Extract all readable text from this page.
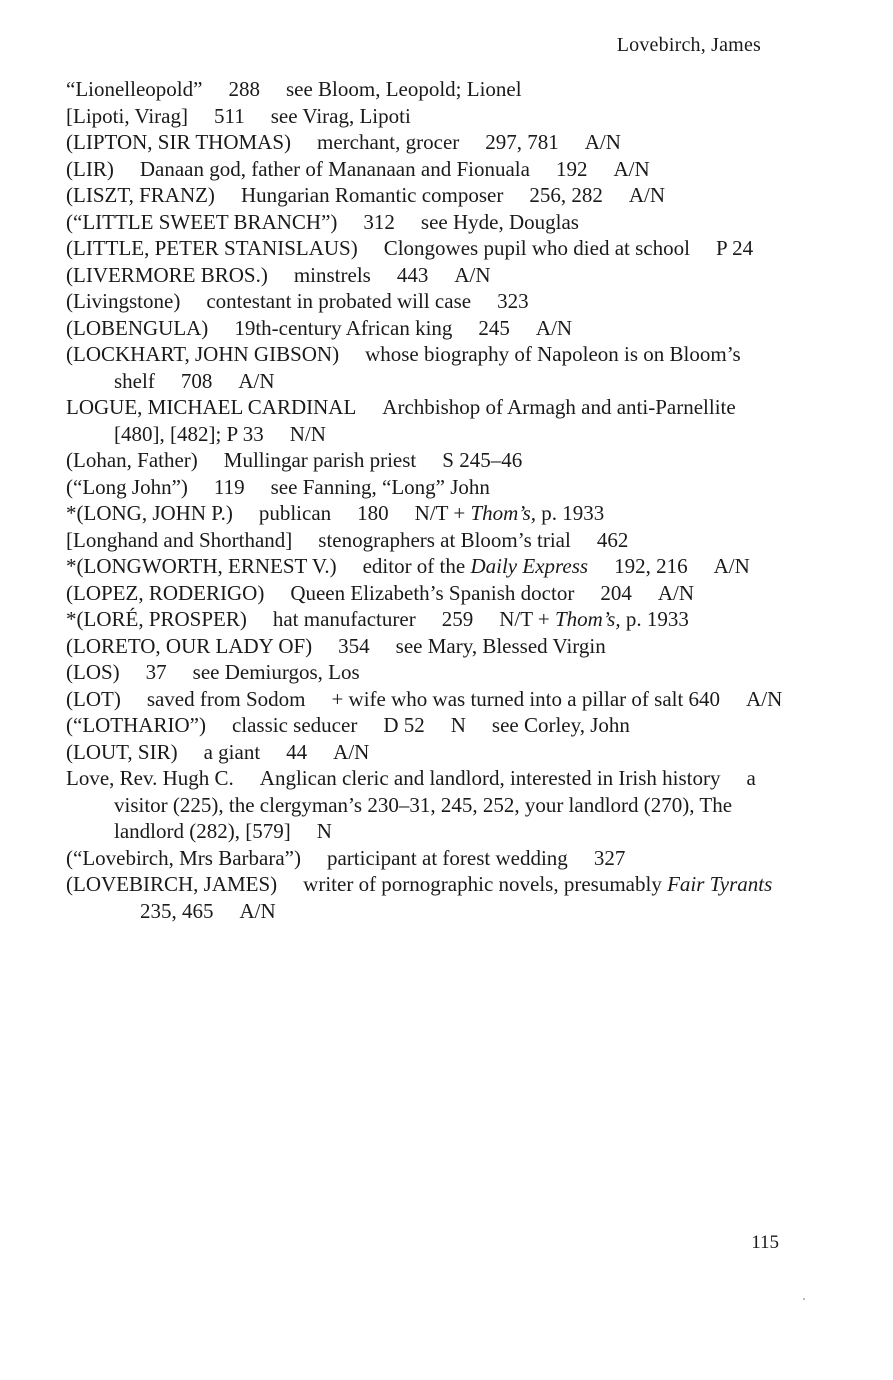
Lovebirch, James

“Lionelleopold” 288 see Bloom, Leopold; Lionel

[Lipoti, Virag] 511 see Virag, Lipoti

(LIPTON, SIR THOMAS) merchant, grocer 297, 781 A/N

(LIR) Danaan god, father of Mananaan and Fionuala 192 A/N

(LISZT, FRANZ) Hungarian Romantic composer 256, 282 A/N

(“LITTLE SWEET BRANCH”) 312 see Hyde, Douglas

(LITTLE, PETER STANISLAUS) Clongowes pupil who died at school P 24

(LIVERMORE BROS.) minstrels 443 A/N

(Livingstone) contestant in probated will case 323

(LOBENGULA) 19th-century African king 245 A/N

(LOCKHART, JOHN GIBSON) whose biography of Napoleon is on Bloom’s shelf 708 A/N

LOGUE, MICHAEL CARDINAL Archbishop of Armagh and anti-Parnellite[480], [482]; P 33 N/N

(Lohan, Father) Mullingar parish priest S 245–46

(“Long John”) 119 see Fanning, “Long” John

*(LONG, JOHN P.) publican 180 N/T + Thom’s, p. 1933

[Longhand and Shorthand] stenographers at Bloom’s trial 462

*(LONGWORTH, ERNEST V.) editor of the Daily Express 192, 216 A/N

(LOPEZ, RODERIGO) Queen Elizabeth’s Spanish doctor 204 A/N

*(LORÉ, PROSPER) hat manufacturer 259 N/T + Thom’s, p. 1933

(LORETO, OUR LADY OF) 354 see Mary, Blessed Virgin

(LOS) 37 see Demiurgos, Los

(LOT) saved from Sodom + wife who was turned into a pillar of salt 640 A/N

(“LOTHARIO”) classic seducer D 52 N see Corley, John

(LOUT, SIR) a giant 44 A/N

Love, Rev. Hugh C. Anglican cleric and landlord, interested in Irish history a visitor (225), the clergyman’s 230–31, 245, 252, your landlord (270), The landlord (282), [579] N

(“Lovebirch, Mrs Barbara”) participant at forest wedding 327

(LOVEBIRCH, JAMES) writer of pornographic novels, presumably Fair Tyrants235, 465 A/N

115
